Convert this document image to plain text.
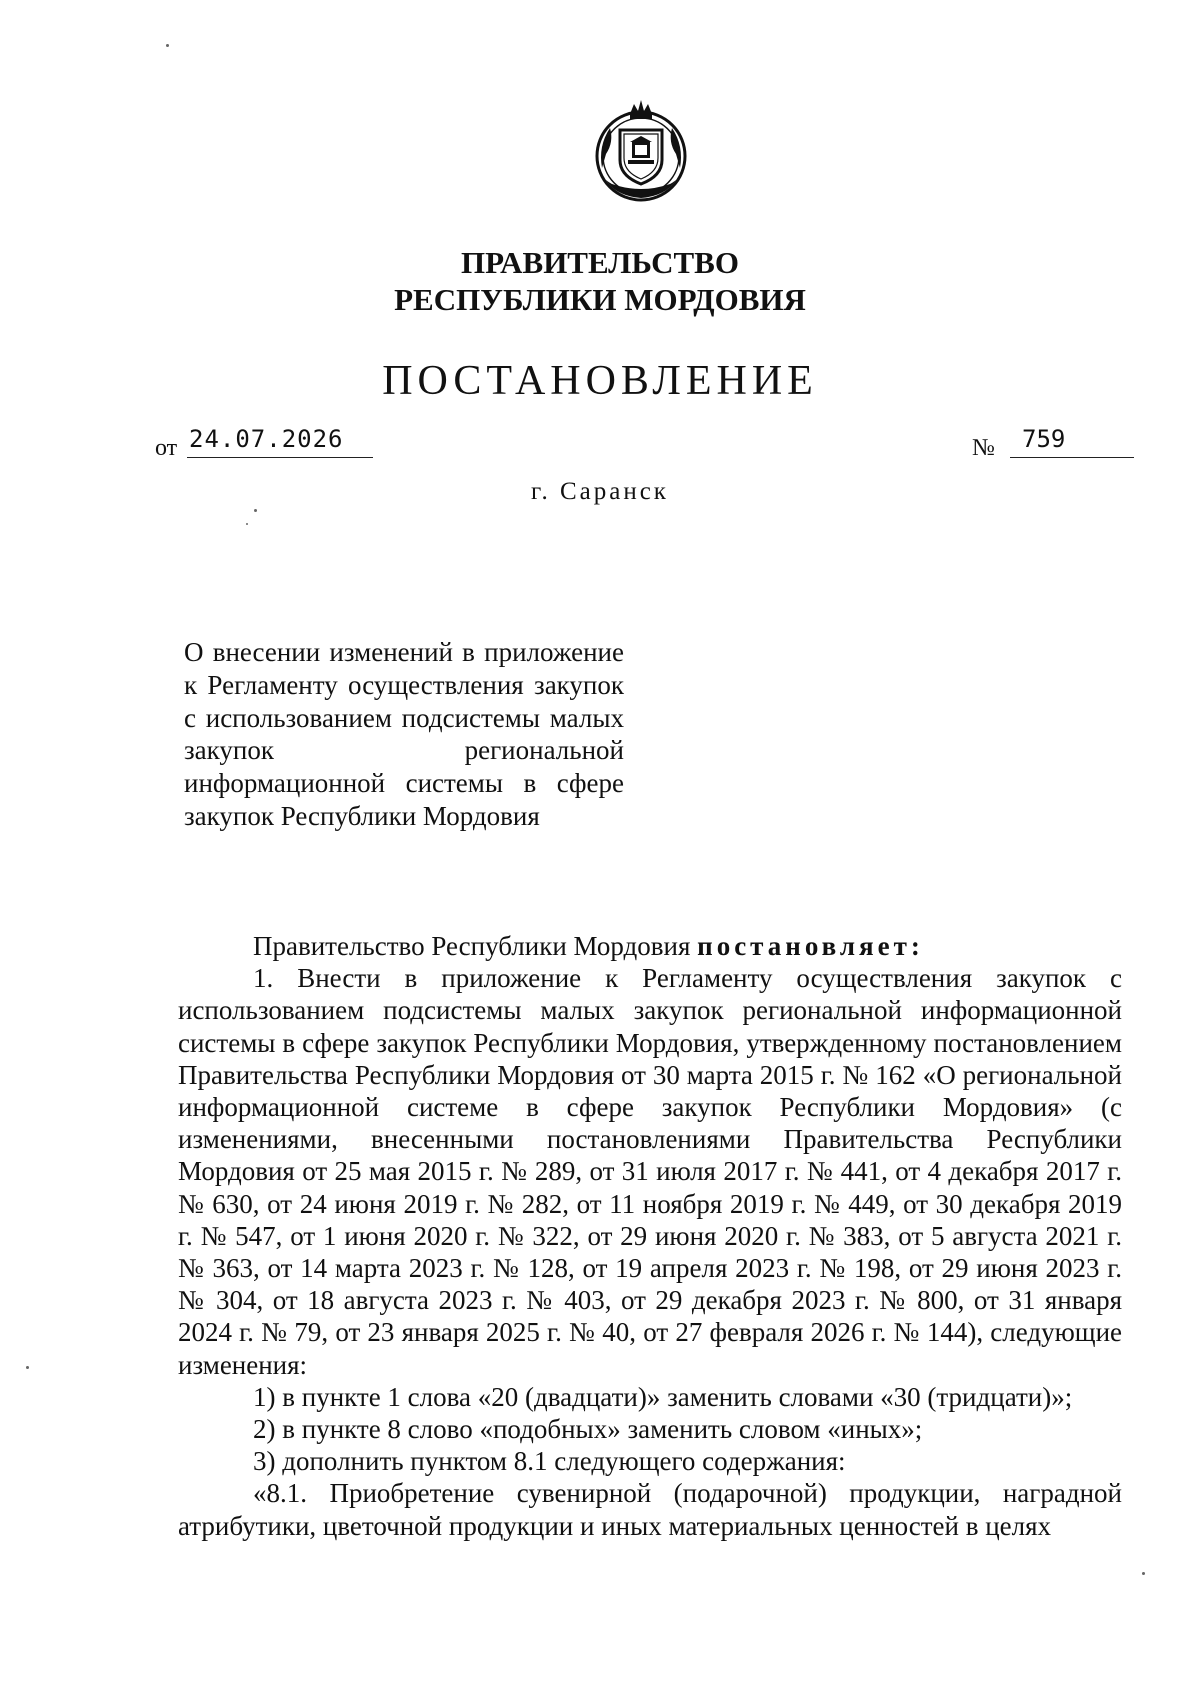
ПРАВИТЕЛЬСТВО
РЕСПУБЛИКИ МОРДОВИЯ
ПОСТАНОВЛЕНИЕ
от 24.07.2026	№ 759
г. Саранск
О внесении изменений в приложение к Регламенту осуществления закупок с использованием подсистемы малых закупок региональной информационной системы в сфере закупок Республики Мордовия

Правительство Республики Мордовия постановляет:

1. Внести в приложение к Регламенту осуществления закупок с использованием подсистемы малых закупок региональной информационной системы в сфере закупок Республики Мордовия, утвержденному постановлением Правительства Республики Мордовия от 30 марта 2015 г. № 162 «О региональной информационной системе в сфере закупок Республики Мордовия» (с изменениями, внесенными постановлениями Правительства Республики Мордовия от 25 мая 2015 г. № 289, от 31 июля 2017 г. № 441, от 4 декабря 2017 г. № 630, от 24 июня 2019 г. № 282, от 11 ноября 2019 г. № 449, от 30 декабря 2019 г. № 547, от 1 июня 2020 г. № 322, от 29 июня 2020 г. № 383, от 5 августа 2021 г. № 363, от 14 марта 2023 г. № 128, от 19 апреля 2023 г. № 198, от 29 июня 2023 г. № 304, от 18 августа 2023 г. № 403, от 29 декабря 2023 г. № 800, от 31 января 2024 г. № 79, от 23 января 2025 г. № 40, от 27 февраля 2026 г. № 144), следующие изменения:

1) в пункте 1 слова «20 (двадцати)» заменить словами «30 (тридцати)»;

2) в пункте 8 слово «подобных» заменить словом «иных»;

3) дополнить пунктом 8.1 следующего содержания:

«8.1. Приобретение сувенирной (подарочной) продукции, наградной атрибутики, цветочной продукции и иных материальных ценностей в целях
